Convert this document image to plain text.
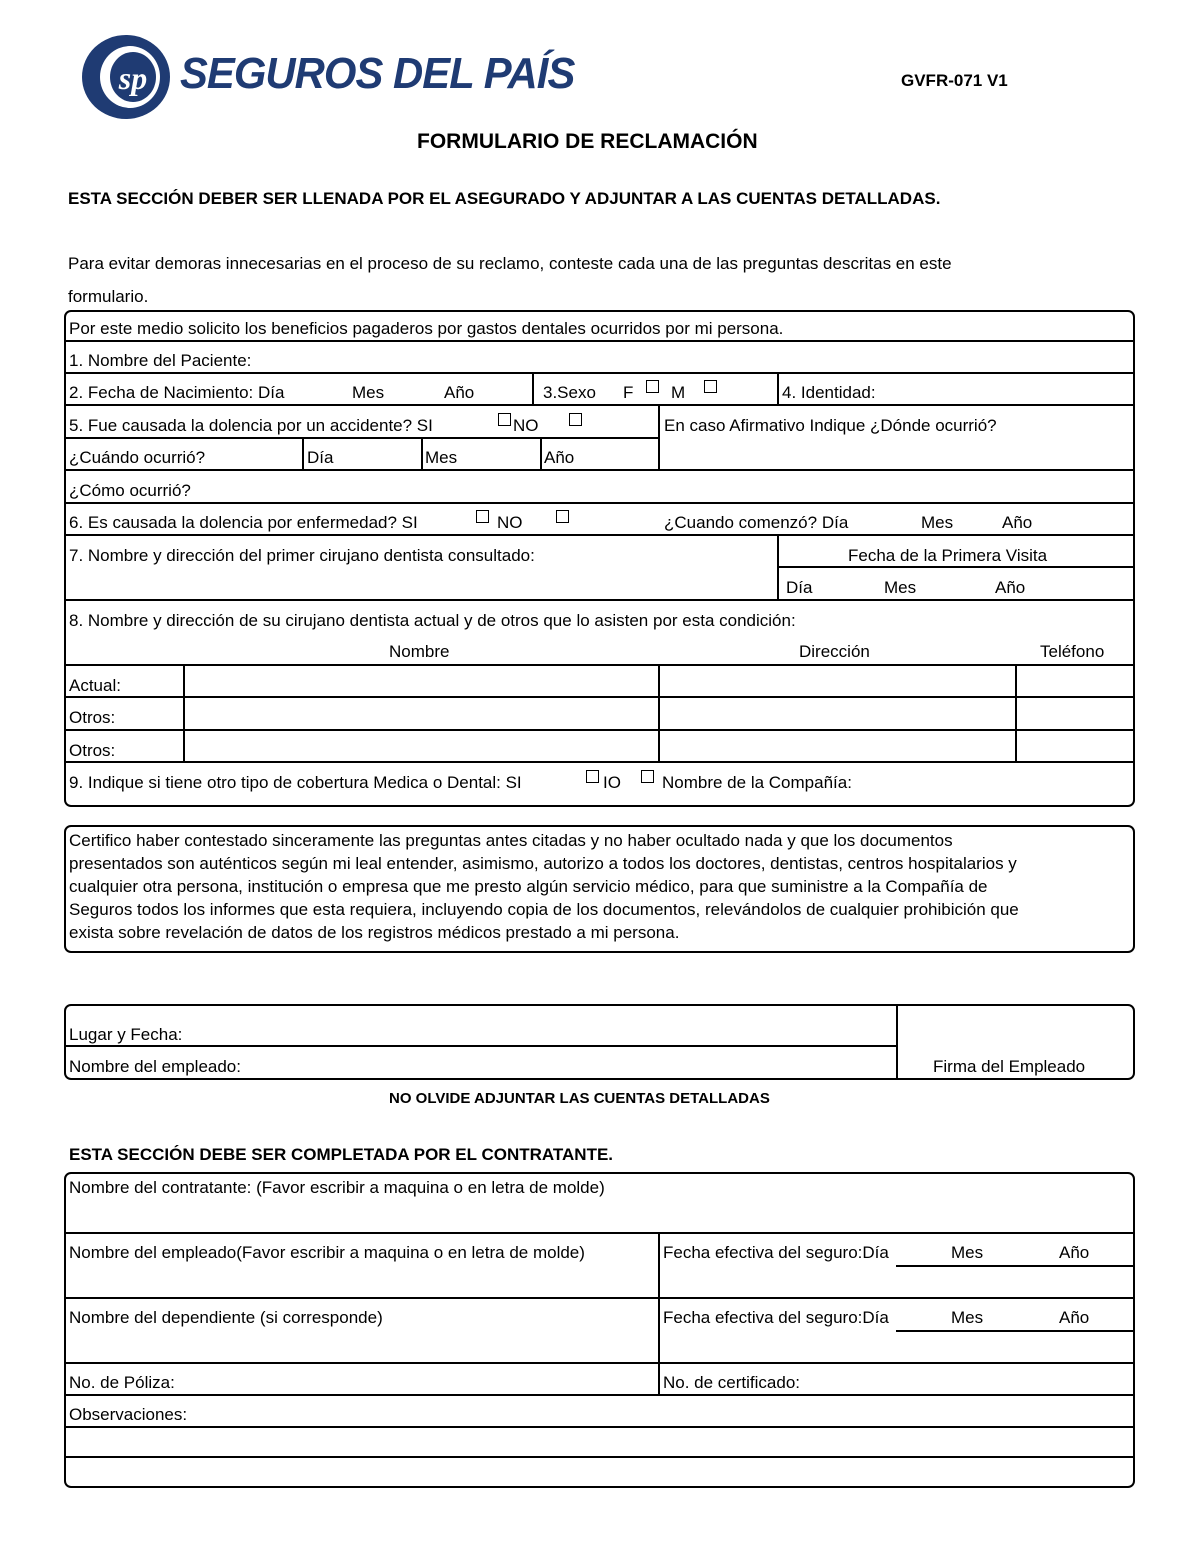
sp SEGUROS DEL PAÍS	GVFR-071 V1
FORMULARIO DE RECLAMACIÓN
ESTA SECCIÓN DEBER SER LLENADA POR EL ASEGURADO Y ADJUNTAR A LAS CUENTAS DETALLADAS.
Para evitar demoras innecesarias en el proceso de su reclamo, conteste cada una de las preguntas descritas en este
formulario.
Por este medio solicito los beneficios pagaderos por gastos dentales ocurridos por mi persona.
1. Nombre del Paciente:
2. Fecha de Nacimiento: Día	Mes	Año	3.Sexo F M	4. Identidad:
5. Fue causada la dolencia por un accidente? SI	NO	En caso Afirmativo Indique ¿Dónde ocurrió?
¿Cuándo ocurrió?	Día	Mes	Año
¿Cómo ocurrió?
6. Es causada la dolencia por enfermedad? SI	NO	¿Cuando comenzó? Día	Mes	Año
7. Nombre y dirección del primer cirujano dentista consultado:	Fecha de la Primera Visita
Día	Mes	Año
8. Nombre y dirección de su cirujano dentista actual y de otros que lo asisten por esta condición:
Nombre	Dirección	Teléfono
Actual:
Otros:
Otros:
9. Indique si tiene otro tipo de cobertura Medica o Dental: SI	IO Nombre de la Compañía:
Certifico haber contestado sinceramente las preguntas antes citadas y no haber ocultado nada y que los documentos
presentados son auténticos según mi leal entender, asimismo, autorizo a todos los doctores, dentistas, centros hospitalarios y
cualquier otra persona, institución o empresa que me presto algún servicio médico, para que suministre a la Compañía de
Seguros todos los informes que esta requiera, incluyendo copia de los documentos, relevándolos de cualquier prohibición que
exista sobre revelación de datos de los registros médicos prestado a mi persona.
Lugar y Fecha:
Nombre del empleado:	Firma del Empleado
NO OLVIDE ADJUNTAR LAS CUENTAS DETALLADAS
ESTA SECCIÓN DEBE SER COMPLETADA POR EL CONTRATANTE.
Nombre del contratante: (Favor escribir a maquina o en letra de molde)
Nombre del empleado(Favor escribir a maquina o en letra de molde)	Fecha efectiva del seguro:Día	Mes	Año
Nombre del dependiente (si corresponde)	Fecha efectiva del seguro:Día	Mes	Año
No. de Póliza:	No. de certificado:
Observaciones:
